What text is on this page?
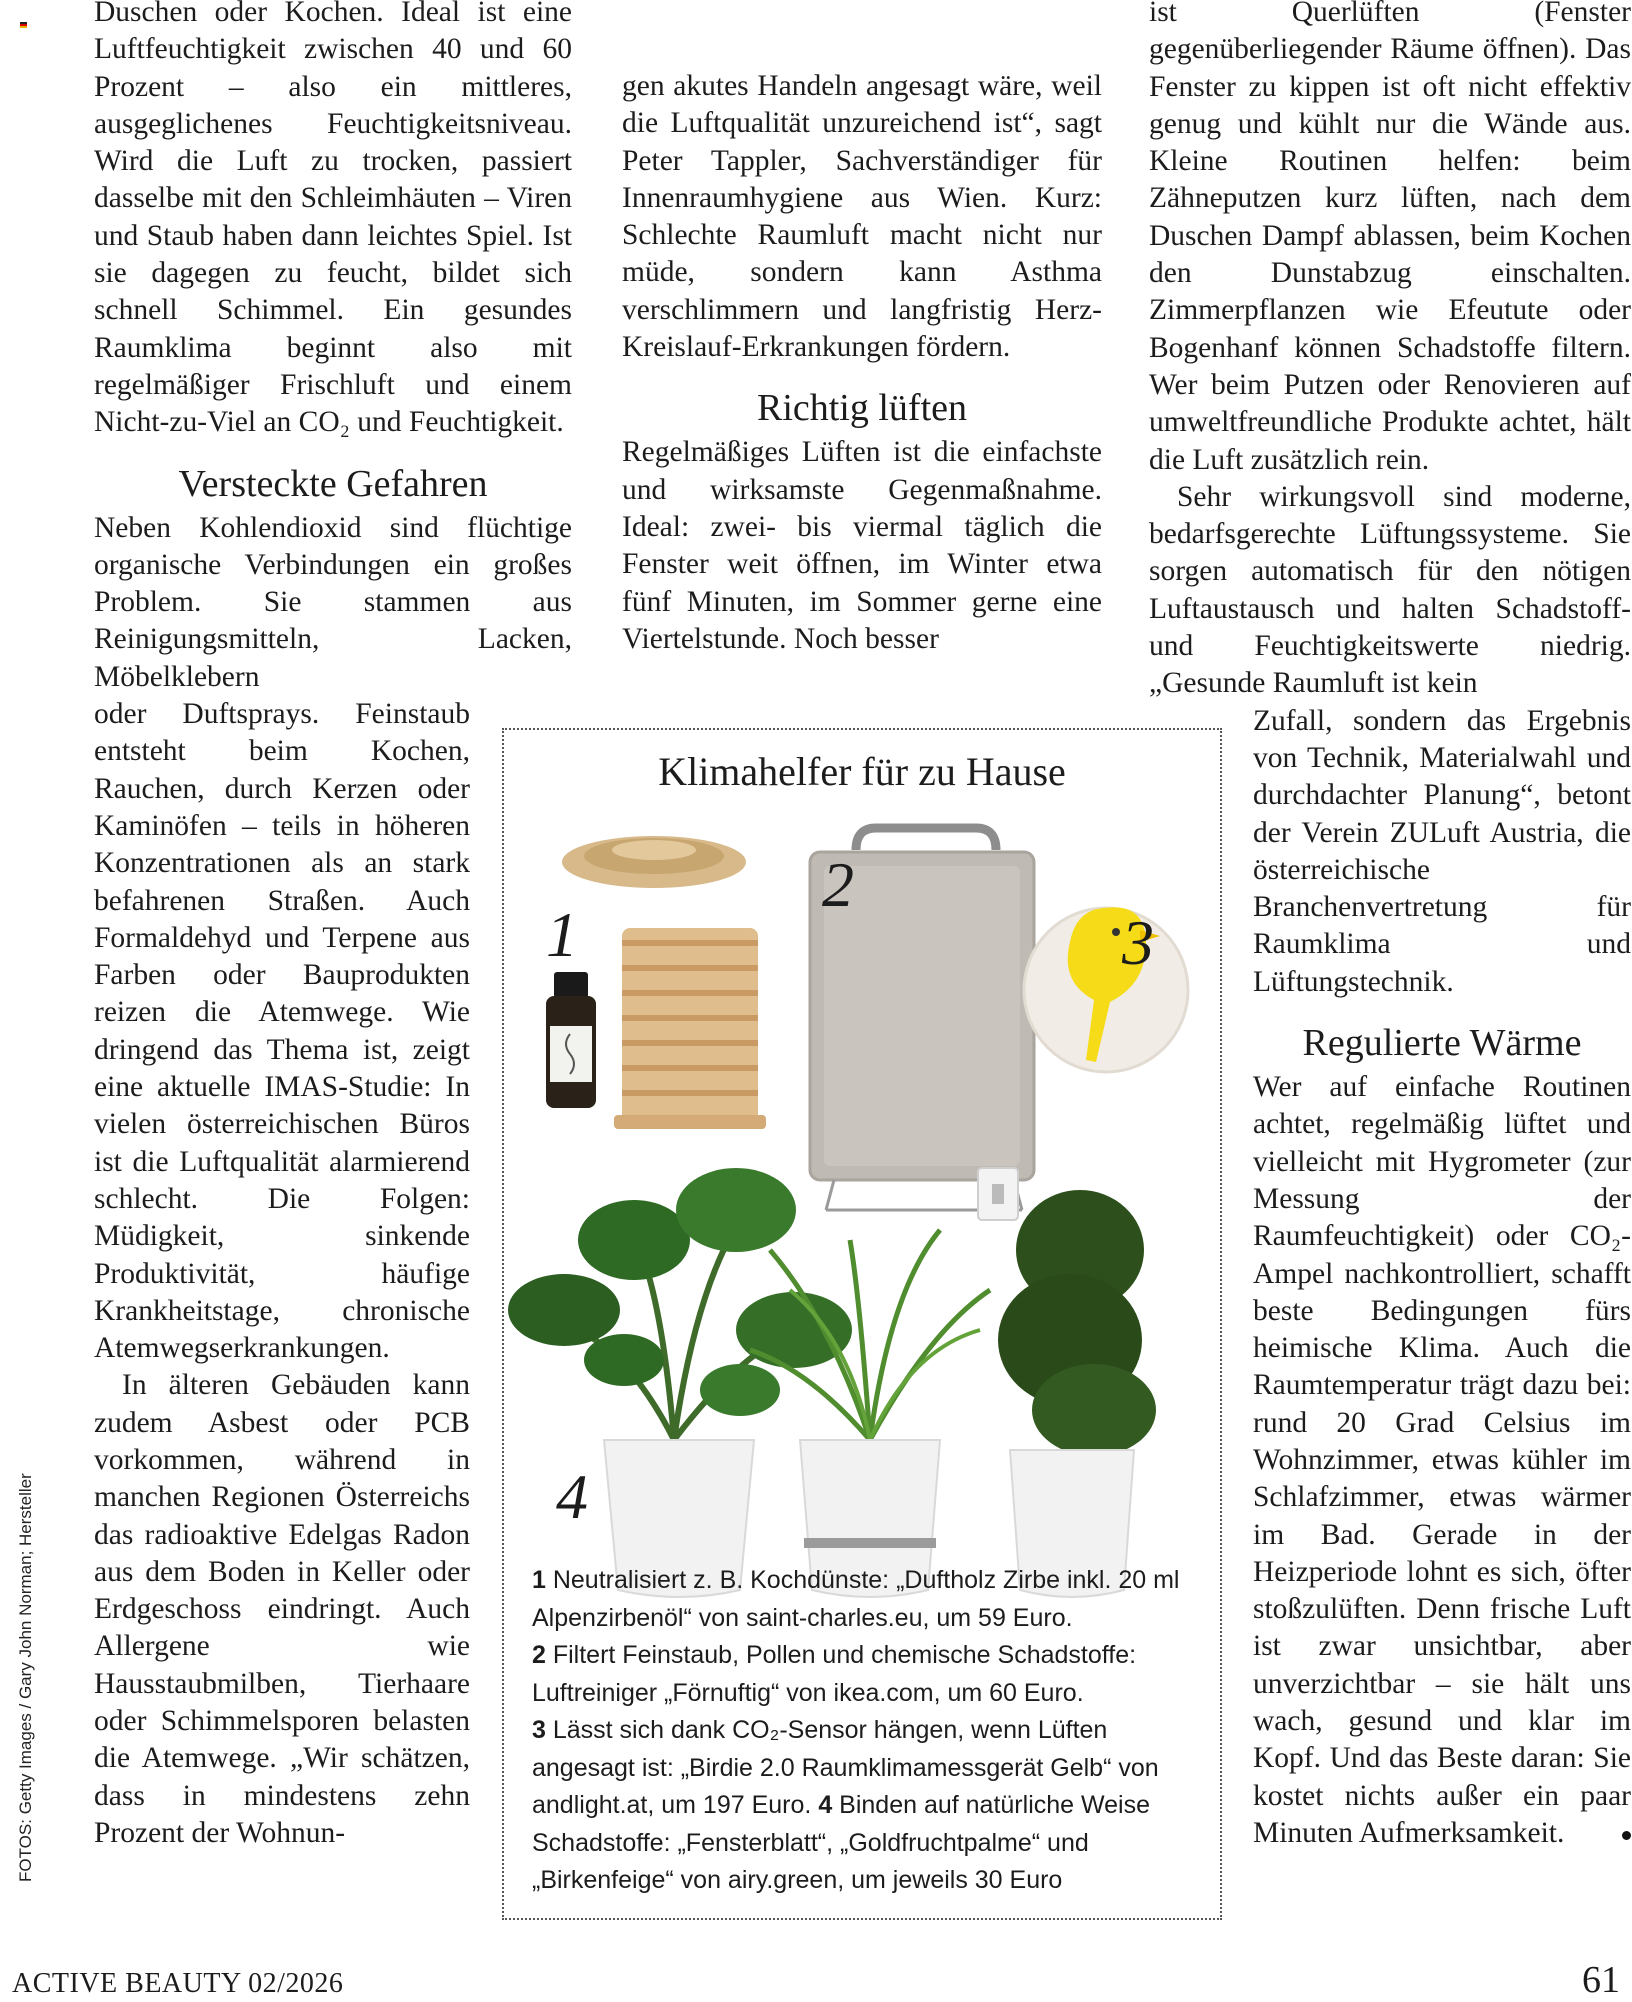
FOTOS: Getty Images / Gary John Norman; Hersteller

Duschen oder Kochen. Ideal ist eine Luftfeuchtigkeit zwischen 40 und 60 Prozent – also ein mittleres, ausgeglichenes Feuchtigkeitsniveau. Wird die Luft zu trocken, passiert dasselbe mit den Schleimhäuten – Viren und Staub haben dann leichtes Spiel. Ist sie dagegen zu feucht, bildet sich schnell Schimmel. Ein gesundes Raumklima beginnt also mit regelmäßiger Frischluft und einem Nicht-zu-Viel an CO₂ und Feuchtigkeit.

Versteckte Gefahren

Neben Kohlendioxid sind flüchtige organische Verbindungen ein großes Problem. Sie stammen aus Reinigungsmitteln, Lacken, Möbelklebern

oder Duftsprays. Feinstaub entsteht beim Kochen, Rauchen, durch Kerzen oder Kaminöfen – teils in höheren Konzentrationen als an stark befahrenen Straßen. Auch Formaldehyd und Terpene aus Farben oder Bauprodukten reizen die Atemwege. Wie dringend das Thema ist, zeigt eine aktuelle IMAS-Studie: In vielen österreichischen Büros ist die Luftqualität alarmierend schlecht. Die Folgen: Müdigkeit, sinkende Produktivität, häufige Krankheitstage, chronische Atemwegserkrankungen.

In älteren Gebäuden kann zudem Asbest oder PCB vorkommen, während in manchen Regionen Österreichs das radioaktive Edelgas Radon aus dem Boden in Keller oder Erdgeschoss eindringt. Auch Allergene wie Hausstaubmilben, Tierhaare oder Schimmelsporen belasten die Atemwege. „Wir schätzen, dass in mindestens zehn Prozent der Wohnun-

gen akutes Handeln angesagt wäre, weil die Luftqualität unzureichend ist“, sagt Peter Tappler, Sachverständiger für Innenraumhygiene aus Wien. Kurz: Schlechte Raumluft macht nicht nur müde, sondern kann Asthma verschlimmern und langfristig Herz-Kreislauf-Erkrankungen fördern.

Richtig lüften

Regelmäßiges Lüften ist die einfachste und wirksamste Gegenmaßnahme. Ideal: zwei- bis viermal täglich die Fenster weit öffnen, im Winter etwa fünf Minuten, im Sommer gerne eine Viertelstunde. Noch besser

ist Querlüften (Fenster gegenüberliegender Räume öffnen). Das Fenster zu kippen ist oft nicht effektiv genug und kühlt nur die Wände aus. Kleine Routinen helfen: beim Zähneputzen kurz lüften, nach dem Duschen Dampf ablassen, beim Kochen den Dunstabzug einschalten. Zimmerpflanzen wie Efeutute oder Bogenhanf können Schadstoffe filtern. Wer beim Putzen oder Renovieren auf umweltfreundliche Produkte achtet, hält die Luft zusätzlich rein.

Sehr wirkungsvoll sind moderne, bedarfsgerechte Lüftungssysteme. Sie sorgen automatisch für den nötigen Luftaustausch und halten Schadstoff- und Feuchtigkeitswerte niedrig. „Gesunde Raumluft ist kein

Zufall, sondern das Ergebnis von Technik, Materialwahl und durchdachter Planung“, betont der Verein ZULuft Austria, die österreichische Branchenvertretung für Raumklima und Lüftungstechnik.

Regulierte Wärme

Wer auf einfache Routinen achtet, regelmäßig lüftet und vielleicht mit Hygrometer (zur Messung der Raumfeuchtigkeit) oder CO₂-Ampel nachkontrolliert, schafft beste Bedingungen fürs heimische Klima. Auch die Raumtemperatur trägt dazu bei: rund 20 Grad Celsius im Wohnzimmer, etwas kühler im Schlafzimmer, etwas wärmer im Bad. Gerade in der Heizperiode lohnt es sich, öfter stoßzulüften. Denn frische Luft ist zwar unsichtbar, aber unverzichtbar – sie hält uns wach, gesund und klar im Kopf. Und das Beste daran: Sie kostet nichts außer ein paar Minuten Aufmerksamkeit.

Klimahelfer für zu Hause
1
2
3
4
1 Neutralisiert z. B. Kochdünste: „Duftholz Zirbe inkl. 20 ml Alpenzirbenöl“ von saint-charles.eu, um 59 Euro.
2 Filtert Feinstaub, Pollen und chemische Schadstoffe: Luftreiniger „Förnuftig“ von ikea.com, um 60 Euro.
3 Lässt sich dank CO₂-Sensor hängen, wenn Lüften angesagt ist: „Birdie 2.0 Raumklimamessgerät Gelb“ von andlight.at, um 197 Euro. 4 Binden auf natürliche Weise Schadstoffe: „Fensterblatt“, „Goldfruchtpalme“ und „Birkenfeige“ von airy.green, um jeweils 30 Euro
ACTIVE BEAUTY 02/2026	61
